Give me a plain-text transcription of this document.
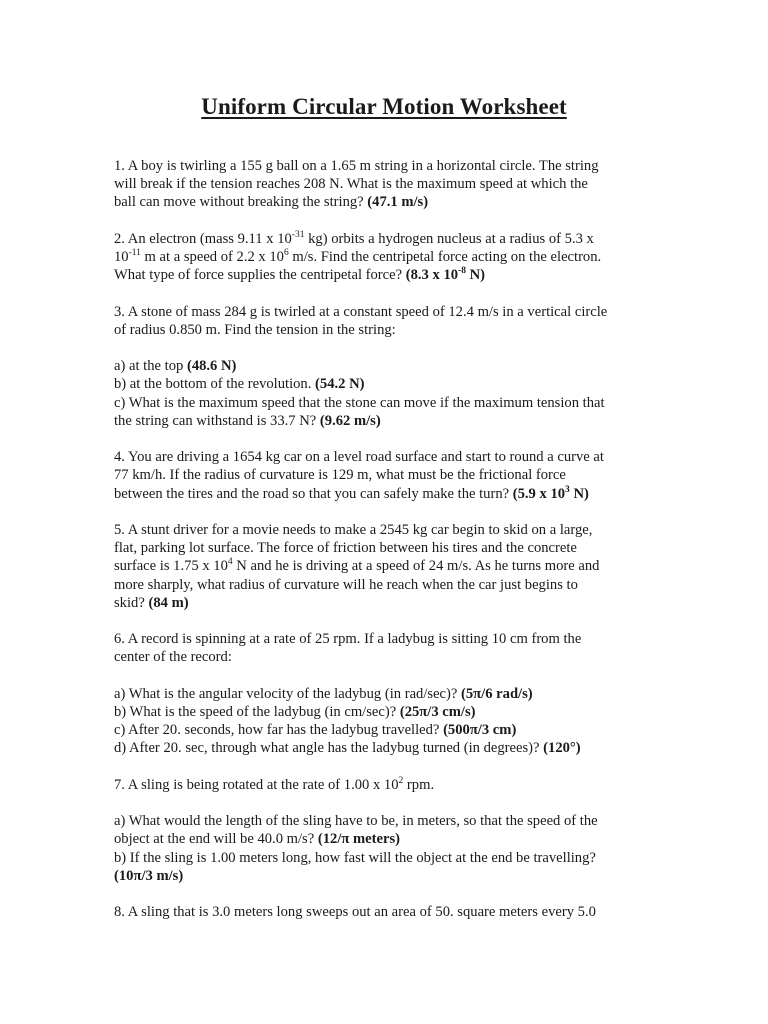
Uniform Circular Motion Worksheet
1. A boy is twirling a 155 g ball on a 1.65 m string in a horizontal circle. The string
will break if the tension reaches 208 N. What is the maximum speed at which the
ball can move without breaking the string? (47.1 m/s)
2. An electron (mass 9.11 x $10^{-31}$ kg) orbits a hydrogen nucleus at a radius of 5.3 x
$10^{-11}$ m at a speed of 2.2 x $10^6$ m/s. Find the centripetal force acting on the electron.
What type of force supplies the centripetal force? (8.3 x $10^{-8}$ N)
3. A stone of mass 284 g is twirled at a constant speed of 12.4 m/s in a vertical circle
of radius 0.850 m. Find the tension in the string:
a) at the top (48.6 N)
b) at the bottom of the revolution. (54.2 N)
c) What is the maximum speed that the stone can move if the maximum tension that
the string can withstand is 33.7 N? (9.62 m/s)
4. You are driving a 1654 kg car on a level road surface and start to round a curve at
77 km/h. If the radius of curvature is 129 m, what must be the frictional force
between the tires and the road so that you can safely make the turn? (5.9 x $10^3$ N)
5. A stunt driver for a movie needs to make a 2545 kg car begin to skid on a large,
flat, parking lot surface. The force of friction between his tires and the concrete
surface is 1.75 x $10^4$ N and he is driving at a speed of 24 m/s. As he turns more and
more sharply, what radius of curvature will he reach when the car just begins to
skid? (84 m)
6. A record is spinning at a rate of 25 rpm. If a ladybug is sitting 10 cm from the
center of the record:
a) What is the angular velocity of the ladybug (in rad/sec)? (5π/6 rad/s)
b) What is the speed of the ladybug (in cm/sec)? (25π/3 cm/s)
c) After 20. seconds, how far has the ladybug travelled? (500π/3 cm)
d) After 20. sec, through what angle has the ladybug turned (in degrees)? (120°)
7. A sling is being rotated at the rate of 1.00 x $10^2$ rpm.
a) What would the length of the sling have to be, in meters, so that the speed of the
object at the end will be 40.0 m/s? (12/π meters)
b) If the sling is 1.00 meters long, how fast will the object at the end be travelling?
(10π/3 m/s)
8. A sling that is 3.0 meters long sweeps out an area of 50. square meters every 5.0
